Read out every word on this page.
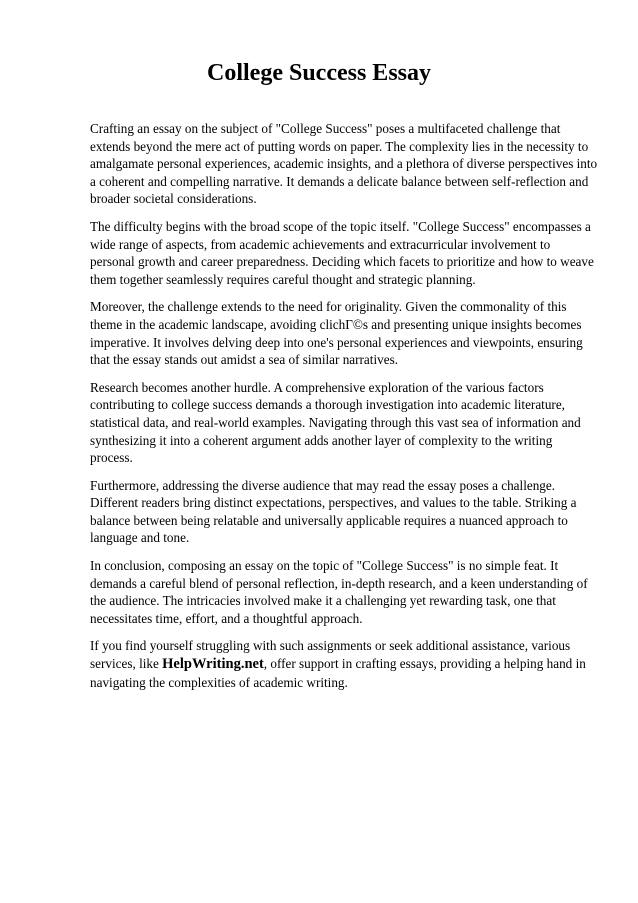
College Success Essay

Crafting an essay on the subject of "College Success" poses a multifaceted challenge that extends beyond the mere act of putting words on paper. The complexity lies in the necessity to amalgamate personal experiences, academic insights, and a plethora of diverse perspectives into a coherent and compelling narrative. It demands a delicate balance between self-reflection and broader societal considerations.

The difficulty begins with the broad scope of the topic itself. "College Success" encompasses a wide range of aspects, from academic achievements and extracurricular involvement to personal growth and career preparedness. Deciding which facets to prioritize and how to weave them together seamlessly requires careful thought and strategic planning.

Moreover, the challenge extends to the need for originality. Given the commonality of this theme in the academic landscape, avoiding clichГ©s and presenting unique insights becomes imperative. It involves delving deep into one's personal experiences and viewpoints, ensuring that the essay stands out amidst a sea of similar narratives.

Research becomes another hurdle. A comprehensive exploration of the various factors contributing to college success demands a thorough investigation into academic literature, statistical data, and real-world examples. Navigating through this vast sea of information and synthesizing it into a coherent argument adds another layer of complexity to the writing process.

Furthermore, addressing the diverse audience that may read the essay poses a challenge. Different readers bring distinct expectations, perspectives, and values to the table. Striking a balance between being relatable and universally applicable requires a nuanced approach to language and tone.

In conclusion, composing an essay on the topic of "College Success" is no simple feat. It demands a careful blend of personal reflection, in-depth research, and a keen understanding of the audience. The intricacies involved make it a challenging yet rewarding task, one that necessitates time, effort, and a thoughtful approach.

If you find yourself struggling with such assignments or seek additional assistance, various services, like HelpWriting.net, offer support in crafting essays, providing a helping hand in navigating the complexities of academic writing.
